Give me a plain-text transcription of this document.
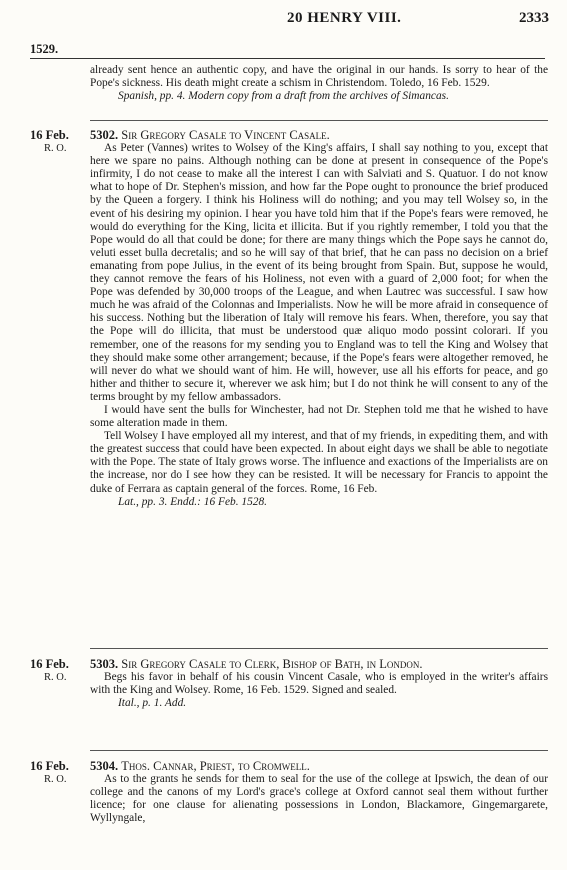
20 HENRY VIII.	2333
1529.

already sent hence an authentic copy, and have the original in our hands. Is sorry to hear of the Pope's sickness. His death might create a schism in Christendom. Toledo, 16 Feb. 1529.

Spanish, pp. 4. Modern copy from a draft from the archives of Simancas.

16 Feb.
R. O.
5302. Sir Gregory Casale to Vincent Casale.

As Peter (Vannes) writes to Wolsey of the King's affairs, I shall say nothing to you, except that here we spare no pains. Although nothing can be done at present in consequence of the Pope's infirmity, I do not cease to make all the interest I can with Salviati and S. Quatuor. I do not know what to hope of Dr. Stephen's mission, and how far the Pope ought to pronounce the brief produced by the Queen a forgery. I think his Holiness will do nothing; and you may tell Wolsey so, in the event of his desiring my opinion. I hear you have told him that if the Pope's fears were removed, he would do everything for the King, licita et illicita. But if you rightly remember, I told you that the Pope would do all that could be done; for there are many things which the Pope says he cannot do, veluti esset bulla decretalis; and so he will say of that brief, that he can pass no decision on a brief emanating from pope Julius, in the event of its being brought from Spain. But, suppose he would, they cannot remove the fears of his Holiness, not even with a guard of 2,000 foot; for when the Pope was defended by 30,000 troops of the League, and when Lautrec was successful. I saw how much he was afraid of the Colonnas and Imperialists. Now he will be more afraid in consequence of his success. Nothing but the liberation of Italy will remove his fears. When, therefore, you say that the Pope will do illicita, that must be understood quæ aliquo modo possint colorari. If you remember, one of the reasons for my sending you to England was to tell the King and Wolsey that they should make some other arrangement; because, if the Pope's fears were altogether removed, he will never do what we should want of him. He will, however, use all his efforts for peace, and go hither and thither to secure it, wherever we ask him; but I do not think he will consent to any of the terms brought by my fellow ambassadors.

I would have sent the bulls for Winchester, had not Dr. Stephen told me that he wished to have some alteration made in them.

Tell Wolsey I have employed all my interest, and that of my friends, in expediting them, and with the greatest success that could have been expected. In about eight days we shall be able to negotiate with the Pope. The state of Italy grows worse. The influence and exactions of the Imperialists are on the increase, nor do I see how they can be resisted. It will be necessary for Francis to appoint the duke of Ferrara as captain general of the forces. Rome, 16 Feb.

Lat., pp. 3. Endd.: 16 Feb. 1528.

16 Feb.
R. O.
5303. Sir Gregory Casale to Clerk, Bishop of Bath, in London.

Begs his favor in behalf of his cousin Vincent Casale, who is employed in the writer's affairs with the King and Wolsey. Rome, 16 Feb. 1529. Signed and sealed.

Ital., p. 1. Add.

16 Feb.
R. O.
5304. Thos. Cannar, Priest, to Cromwell.

As to the grants he sends for them to seal for the use of the college at Ipswich, the dean of our college and the canons of my Lord's grace's college at Oxford cannot seal them without further licence; for one clause for alienating possessions in London, Blackamore, Gingemargarete, Wyllyngale,
